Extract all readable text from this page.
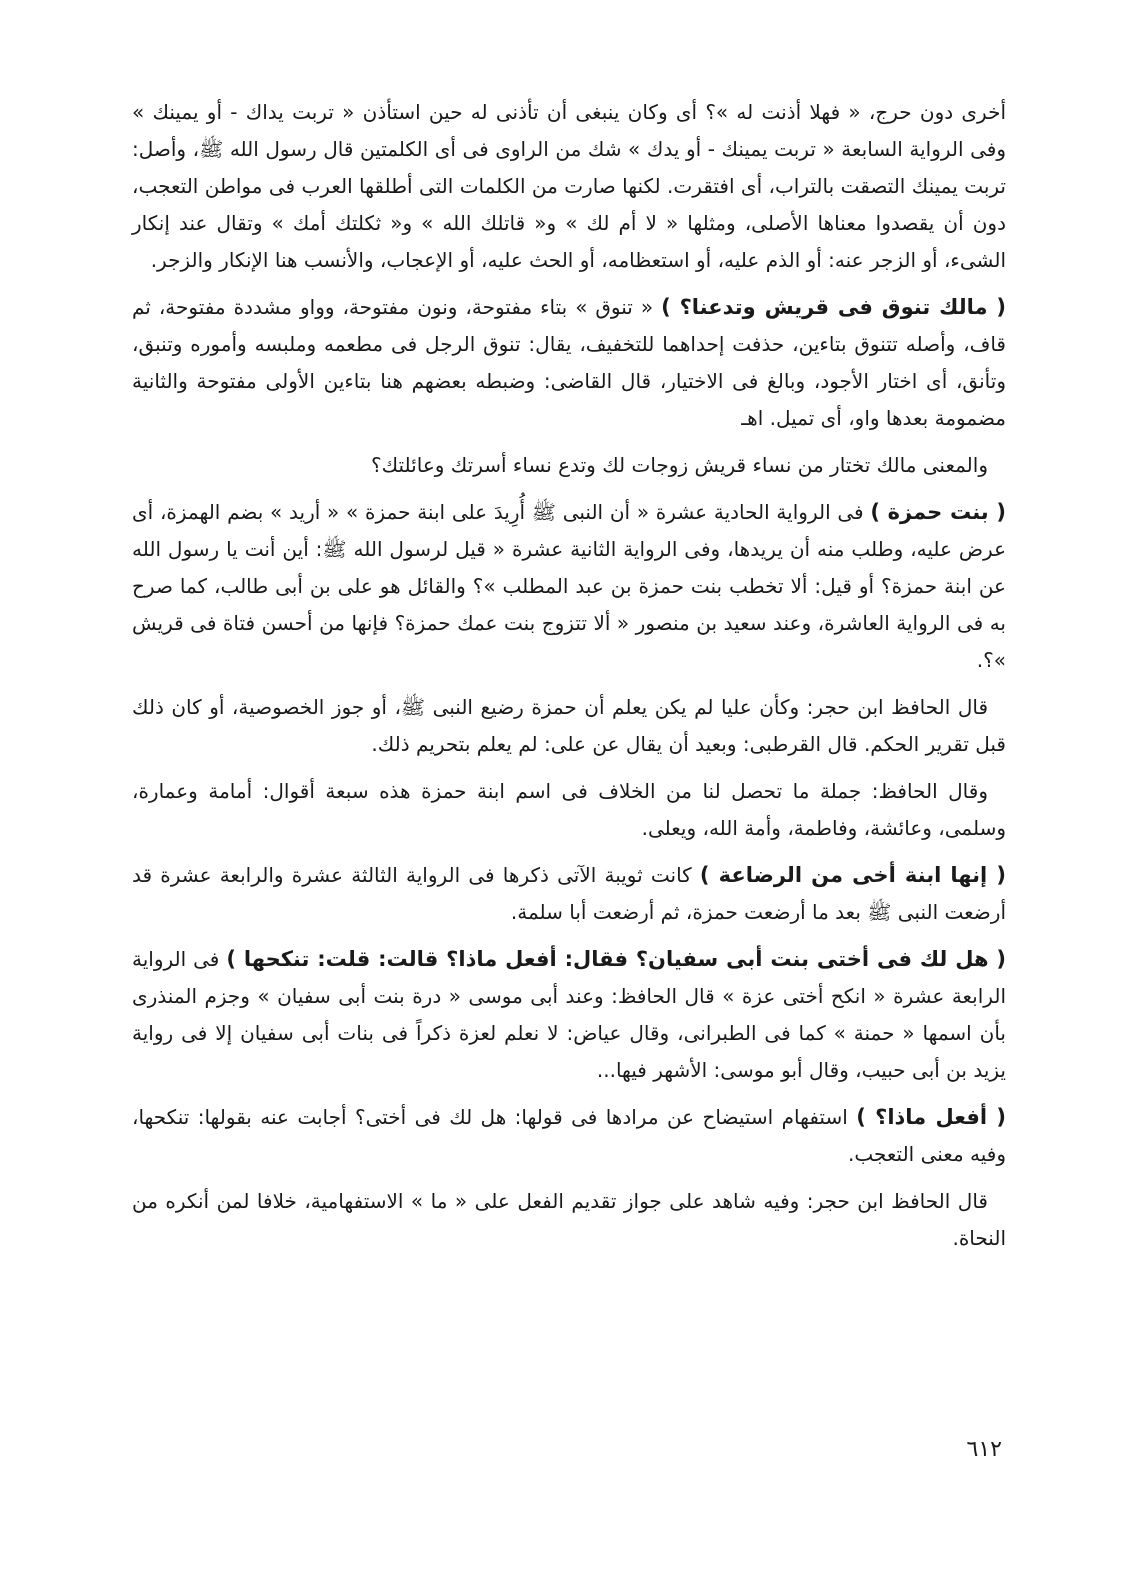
أخرى دون حرج، « فهلا أذنت له »؟ أى وكان ينبغى أن تأذنى له حين استأذن « تربت يداك - أو يمينك » وفى الرواية السابعة « تربت يمينك - أو يدك » شك من الراوى فى أى الكلمتين قال رسول الله ﷺ، وأصل: تربت يمينك التصقت بالتراب، أى افتقرت. لكنها صارت من الكلمات التى أطلقها العرب فى مواطن التعجب، دون أن يقصدوا معناها الأصلى، ومثلها « لا أم لك » و« قاتلك الله » و« ثكلتك أمك » وتقال عند إنكار الشىء، أو الزجر عنه: أو الذم عليه، أو استعظامه، أو الحث عليه، أو الإعجاب، والأنسب هنا الإنكار والزجر.

( مالك تنوق فى قريش وتدعنا؟ ) « تنوق » بتاء مفتوحة، ونون مفتوحة، وواو مشددة مفتوحة، ثم قاف، وأصله تتنوق بتاءين، حذفت إحداهما للتخفيف، يقال: تنوق الرجل فى مطعمه وملبسه وأموره وتنبق، وتأنق، أى اختار الأجود، وبالغ فى الاختيار، قال القاضى: وضبطه بعضهم هنا بتاءين الأولى مفتوحة والثانية مضمومة بعدها واو، أى تميل. اهـ

والمعنى مالك تختار من نساء قريش زوجات لك وتدع نساء أسرتك وعائلتك؟

( بنت حمزة ) فى الرواية الحادية عشرة « أن النبى ﷺ أُرِيدَ على ابنة حمزة » « أريد » بضم الهمزة، أى عرض عليه، وطلب منه أن يريدها، وفى الرواية الثانية عشرة « قيل لرسول الله ﷺ: أين أنت يا رسول الله عن ابنة حمزة؟ أو قيل: ألا تخطب بنت حمزة بن عبد المطلب »؟ والقائل هو على بن أبى طالب، كما صرح به فى الرواية العاشرة، وعند سعيد بن منصور « ألا تتزوج بنت عمك حمزة؟ فإنها من أحسن فتاة فى قريش »؟.

قال الحافظ ابن حجر: وكأن عليا لم يكن يعلم أن حمزة رضيع النبى ﷺ، أو جوز الخصوصية، أو كان ذلك قبل تقرير الحكم. قال القرطبى: وبعيد أن يقال عن على: لم يعلم بتحريم ذلك.

وقال الحافظ: جملة ما تحصل لنا من الخلاف فى اسم ابنة حمزة هذه سبعة أقوال: أمامة وعمارة، وسلمى، وعائشة، وفاطمة، وأمة الله، ويعلى.

( إنها ابنة أخى من الرضاعة ) كانت ثويبة الآتى ذكرها فى الرواية الثالثة عشرة والرابعة عشرة قد أرضعت النبى ﷺ بعد ما أرضعت حمزة، ثم أرضعت أبا سلمة.

( هل لك فى أختى بنت أبى سفيان؟ فقال: أفعل ماذا؟ قالت: قلت: تنكحها ) فى الرواية الرابعة عشرة « انكح أختى عزة » قال الحافظ: وعند أبى موسى « درة بنت أبى سفيان » وجزم المنذرى بأن اسمها « حمنة » كما فى الطبرانى، وقال عياض: لا نعلم لعزة ذكراً فى بنات أبى سفيان إلا فى رواية يزيد بن أبى حبيب، وقال أبو موسى: الأشهر فيها...

( أفعل ماذا؟ ) استفهام استيضاح عن مرادها فى قولها: هل لك فى أختى؟ أجابت عنه بقولها: تنكحها، وفيه معنى التعجب.

قال الحافظ ابن حجر: وفيه شاهد على جواز تقديم الفعل على « ما » الاستفهامية، خلافا لمن أنكره من النحاة.

٦١٢
